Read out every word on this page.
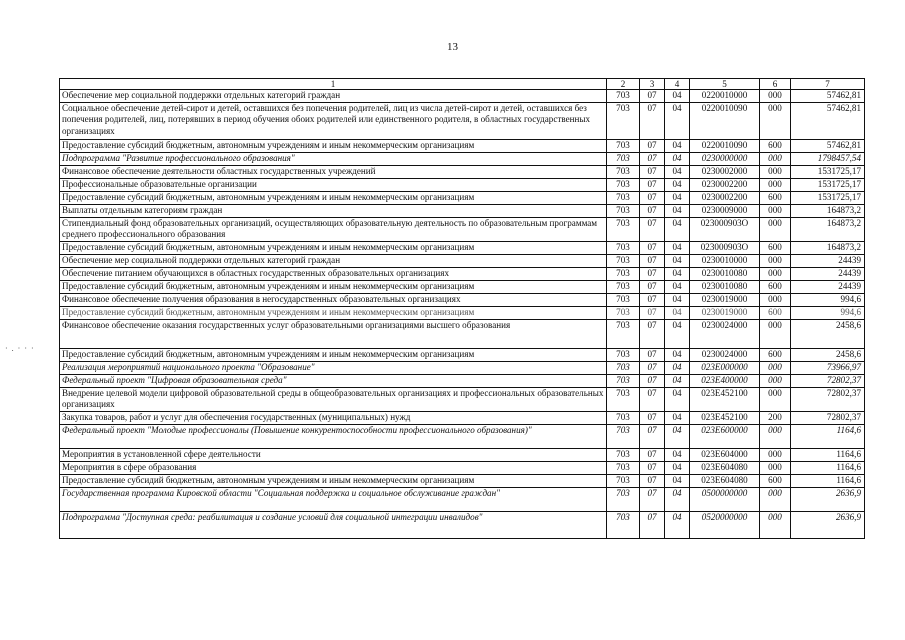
13
· . · · ·
1	2	3	4	5	6	7
Обеспечение мер социальной поддержки отдельных категорий граждан	703	07	04	0220010000	000	57462,81
Социальное обеспечение детей-сирот и детей, оставшихся без попечения родителей, лиц из числа детей-сирот и детей, оставшихся без попечения родителей, лиц, потерявших в период обучения обоих родителей или единственного родителя, в областных государственных организациях	703	07	04	0220010090	000	57462,81
Предоставление субсидий бюджетным, автономным учреждениям и иным некоммерческим организациям	703	07	04	0220010090	600	57462,81
Подпрограмма "Развитие профессионального образования"	703	07	04	0230000000	000	1798457,54
Финансовое обеспечение деятельности областных государственных учреждений	703	07	04	0230002000	000	1531725,17
Профессиональные образовательные организации	703	07	04	0230002200	000	1531725,17
Предоставление субсидий бюджетным, автономным учреждениям и иным некоммерческим организациям	703	07	04	0230002200	600	1531725,17
Выплаты отдельным категориям граждан	703	07	04	0230009000	000	164873,2
Стипендиальный фонд образовательных организаций, осуществляющих образовательную деятельность по образовательным программам среднего профессионального образования	703	07	04	023000903О	000	164873,2
Предоставление субсидий бюджетным, автономным учреждениям и иным некоммерческим организациям	703	07	04	023000903О	600	164873,2
Обеспечение мер социальной поддержки отдельных категорий граждан	703	07	04	0230010000	000	24439
Обеспечение питанием обучающихся в областных государственных образовательных организациях	703	07	04	0230010080	000	24439
Предоставление субсидий бюджетным, автономным учреждениям и иным некоммерческим организациям	703	07	04	0230010080	600	24439
Финансовое обеспечение получения образования в негосударственных образовательных организациях	703	07	04	0230019000	000	994,6
Предоставление субсидий бюджетным, автономным учреждениям и иным некоммерческим организациям	703	07	04	0230019000	600	994,6
Финансовое обеспечение оказания государственных услуг образовательными организациями высшего образования	703	07	04	0230024000	000	2458,6
Предоставление субсидий бюджетным, автономным учреждениям и иным некоммерческим организациям	703	07	04	0230024000	600	2458,6
Реализация мероприятий национального проекта "Образование"	703	07	04	023Е000000	000	73966,97
Федеральный проект "Цифровая образовательная среда"	703	07	04	023Е400000	000	72802,37
Внедрение целевой модели цифровой образовательной среды в общеобразовательных организациях и профессиональных образовательных организациях	703	07	04	023Е452100	000	72802,37
Закупка товаров, работ и услуг для обеспечения государственных (муниципальных) нужд	703	07	04	023Е452100	200	72802,37
Федеральный проект "Молодые профессионалы (Повышение конкурентоспособности профессионального образования)"	703	07	04	023Е600000	000	1164,6
Мероприятия в установленной сфере деятельности	703	07	04	023Е604000	000	1164,6
Мероприятия в сфере образования	703	07	04	023Е604080	000	1164,6
Предоставление субсидий бюджетным, автономным учреждениям и иным некоммерческим организациям	703	07	04	023Е604080	600	1164,6
Государственная программа Кировской области "Социальная поддержка и социальное обслуживание граждан"	703	07	04	0500000000	000	2636,9
Подпрограмма "Доступная среда: реабилитация и создание условий для социальной интеграции инвалидов"	703	07	04	0520000000	000	2636,9
